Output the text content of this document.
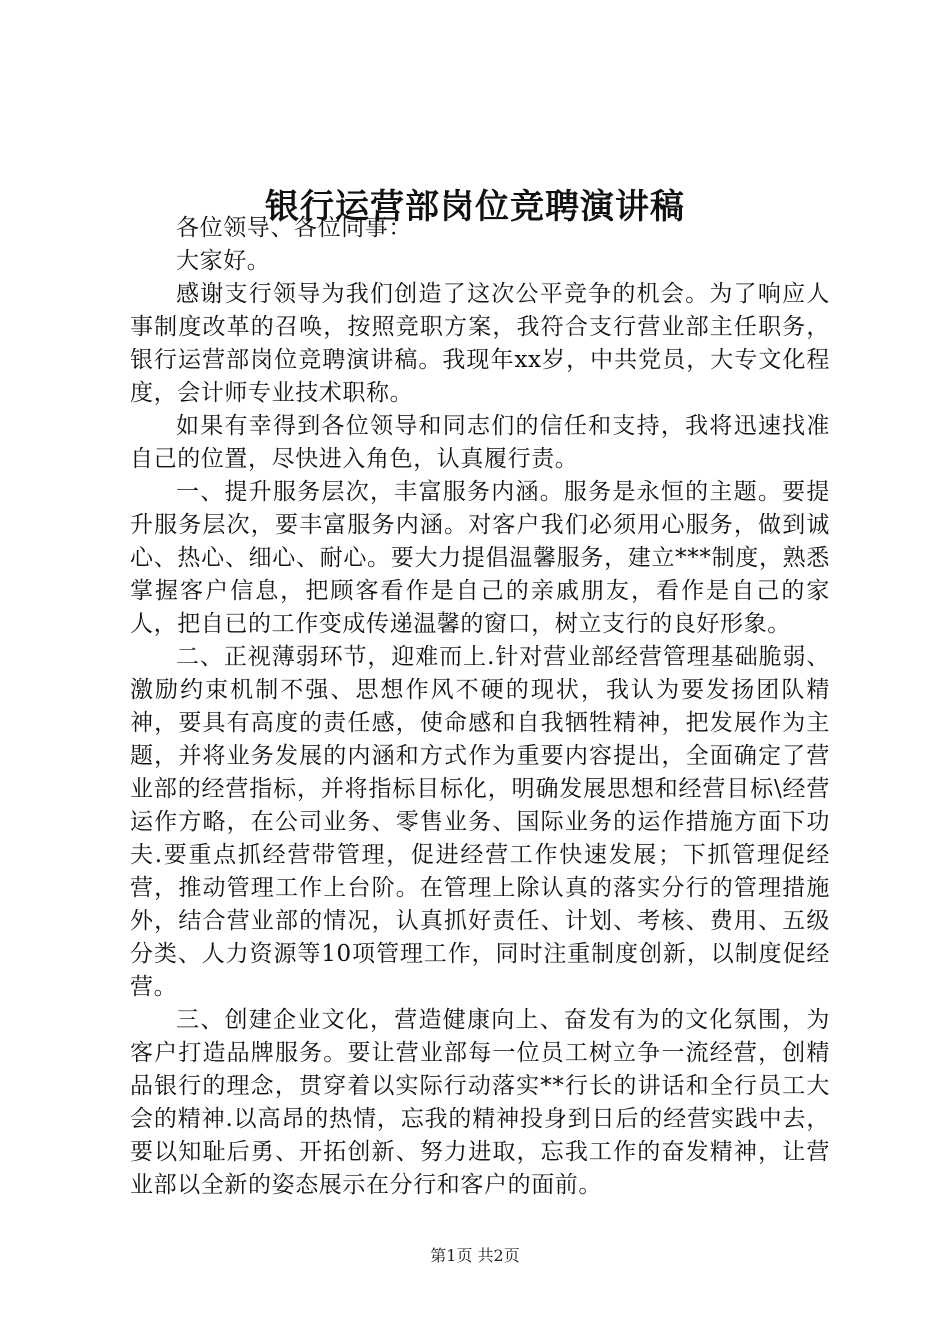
银行运营部岗位竞聘演讲稿

各位领导、各位同事：

大家好。

感谢支行领导为我们创造了这次公平竞争的机会。为了响应人事制度改革的召唤，按照竞职方案，我符合支行营业部主任职务，银行运营部岗位竞聘演讲稿。我现年xx岁，中共党员，大专文化程度，会计师专业技术职称。

如果有幸得到各位领导和同志们的信任和支持，我将迅速找准自己的位置，尽快进入角色，认真履行责。

一、提升服务层次，丰富服务内涵。服务是永恒的主题。要提升服务层次，要丰富服务内涵。对客户我们必须用心服务，做到诚心、热心、细心、耐心。要大力提倡温馨服务，建立***制度，熟悉掌握客户信息，把顾客看作是自己的亲戚朋友，看作是自己的家人，把自已的工作变成传递温馨的窗口，树立支行的良好形象。

二、正视薄弱环节，迎难而上.针对营业部经营管理基础脆弱、激励约束机制不强、思想作风不硬的现状，我认为要发扬团队精神，要具有高度的责任感，使命感和自我牺牲精神，把发展作为主题，并将业务发展的内涵和方式作为重要内容提出，全面确定了营业部的经营指标，并将指标目标化，明确发展思想和经营目标\经营运作方略，在公司业务、零售业务、国际业务的运作措施方面下功夫.要重点抓经营带管理，促进经营工作快速发展；下抓管理促经营，推动管理工作上台阶。在管理上除认真的落实分行的管理措施外，结合营业部的情况，认真抓好责任、计划、考核、费用、五级分类、人力资源等10项管理工作，同时注重制度创新，以制度促经营。

三、创建企业文化，营造健康向上、奋发有为的文化氛围，为客户打造品牌服务。要让营业部每一位员工树立争一流经营，创精品银行的理念，贯穿着以实际行动落实**行长的讲话和全行员工大会的精神.以高昂的热情，忘我的精神投身到日后的经营实践中去，要以知耻后勇、开拓创新、努力进取，忘我工作的奋发精神，让营业部以全新的姿态展示在分行和客户的面前。

第1页 共2页
